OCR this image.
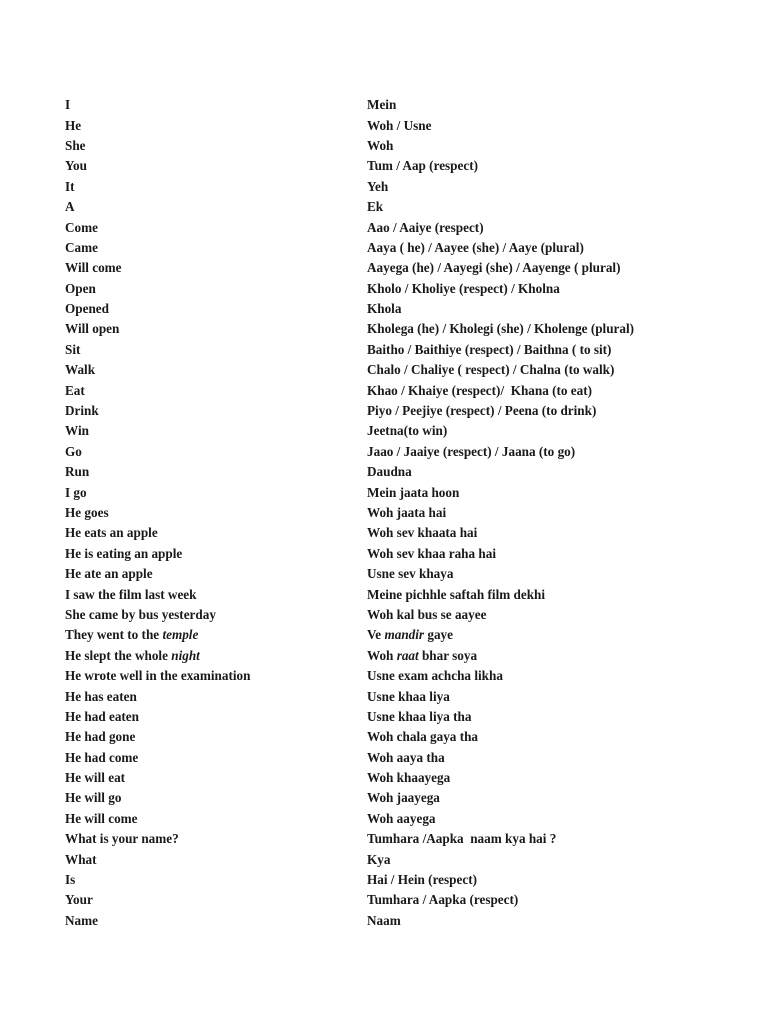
I	Mein
He	Woh / Usne
She	Woh
You	Tum / Aap (respect)
It	Yeh
A	Ek
Come	Aao / Aaiye (respect)
Came	Aaya ( he) / Aayee (she) / Aaye (plural)
Will come	Aayega (he) / Aayegi (she) / Aayenge ( plural)
Open	Kholo / Kholiye (respect) / Kholna
Opened	Khola
Will open	Kholega (he) / Kholegi (she) / Kholenge (plural)
Sit	Baitho / Baithiye (respect) / Baithna ( to sit)
Walk	Chalo / Chaliye ( respect) / Chalna (to walk)
Eat	Khao / Khaiye (respect)/  Khana (to eat)
Drink	Piyo / Peejiye (respect) / Peena (to drink)
Win	Jeetna(to win)
Go	Jaao / Jaaiye (respect) / Jaana (to go)
Run	Daudna
I go	Mein jaata hoon
He goes	Woh jaata hai
He eats an apple	Woh sev khaata hai
He is eating an apple	Woh sev khaa raha hai
He ate an apple	Usne sev khaya
I saw the film last week	Meine pichhle saftah film dekhi
She came by bus yesterday	Woh kal bus se aayee
They went to the temple	Ve mandir gaye
He slept the whole night	Woh raat bhar soya
He wrote well in the examination	Usne exam achcha likha
He has eaten	Usne khaa liya
He had eaten	Usne khaa liya tha
He had gone	Woh chala gaya tha
He had come	Woh aaya tha
He will eat	Woh khaayega
He will go	Woh jaayega
He will come	Woh aayega
What is your name?	Tumhara /Aapka  naam kya hai ?
What	Kya
Is	Hai / Hein (respect)
Your	Tumhara / Aapka (respect)
Name	Naam
